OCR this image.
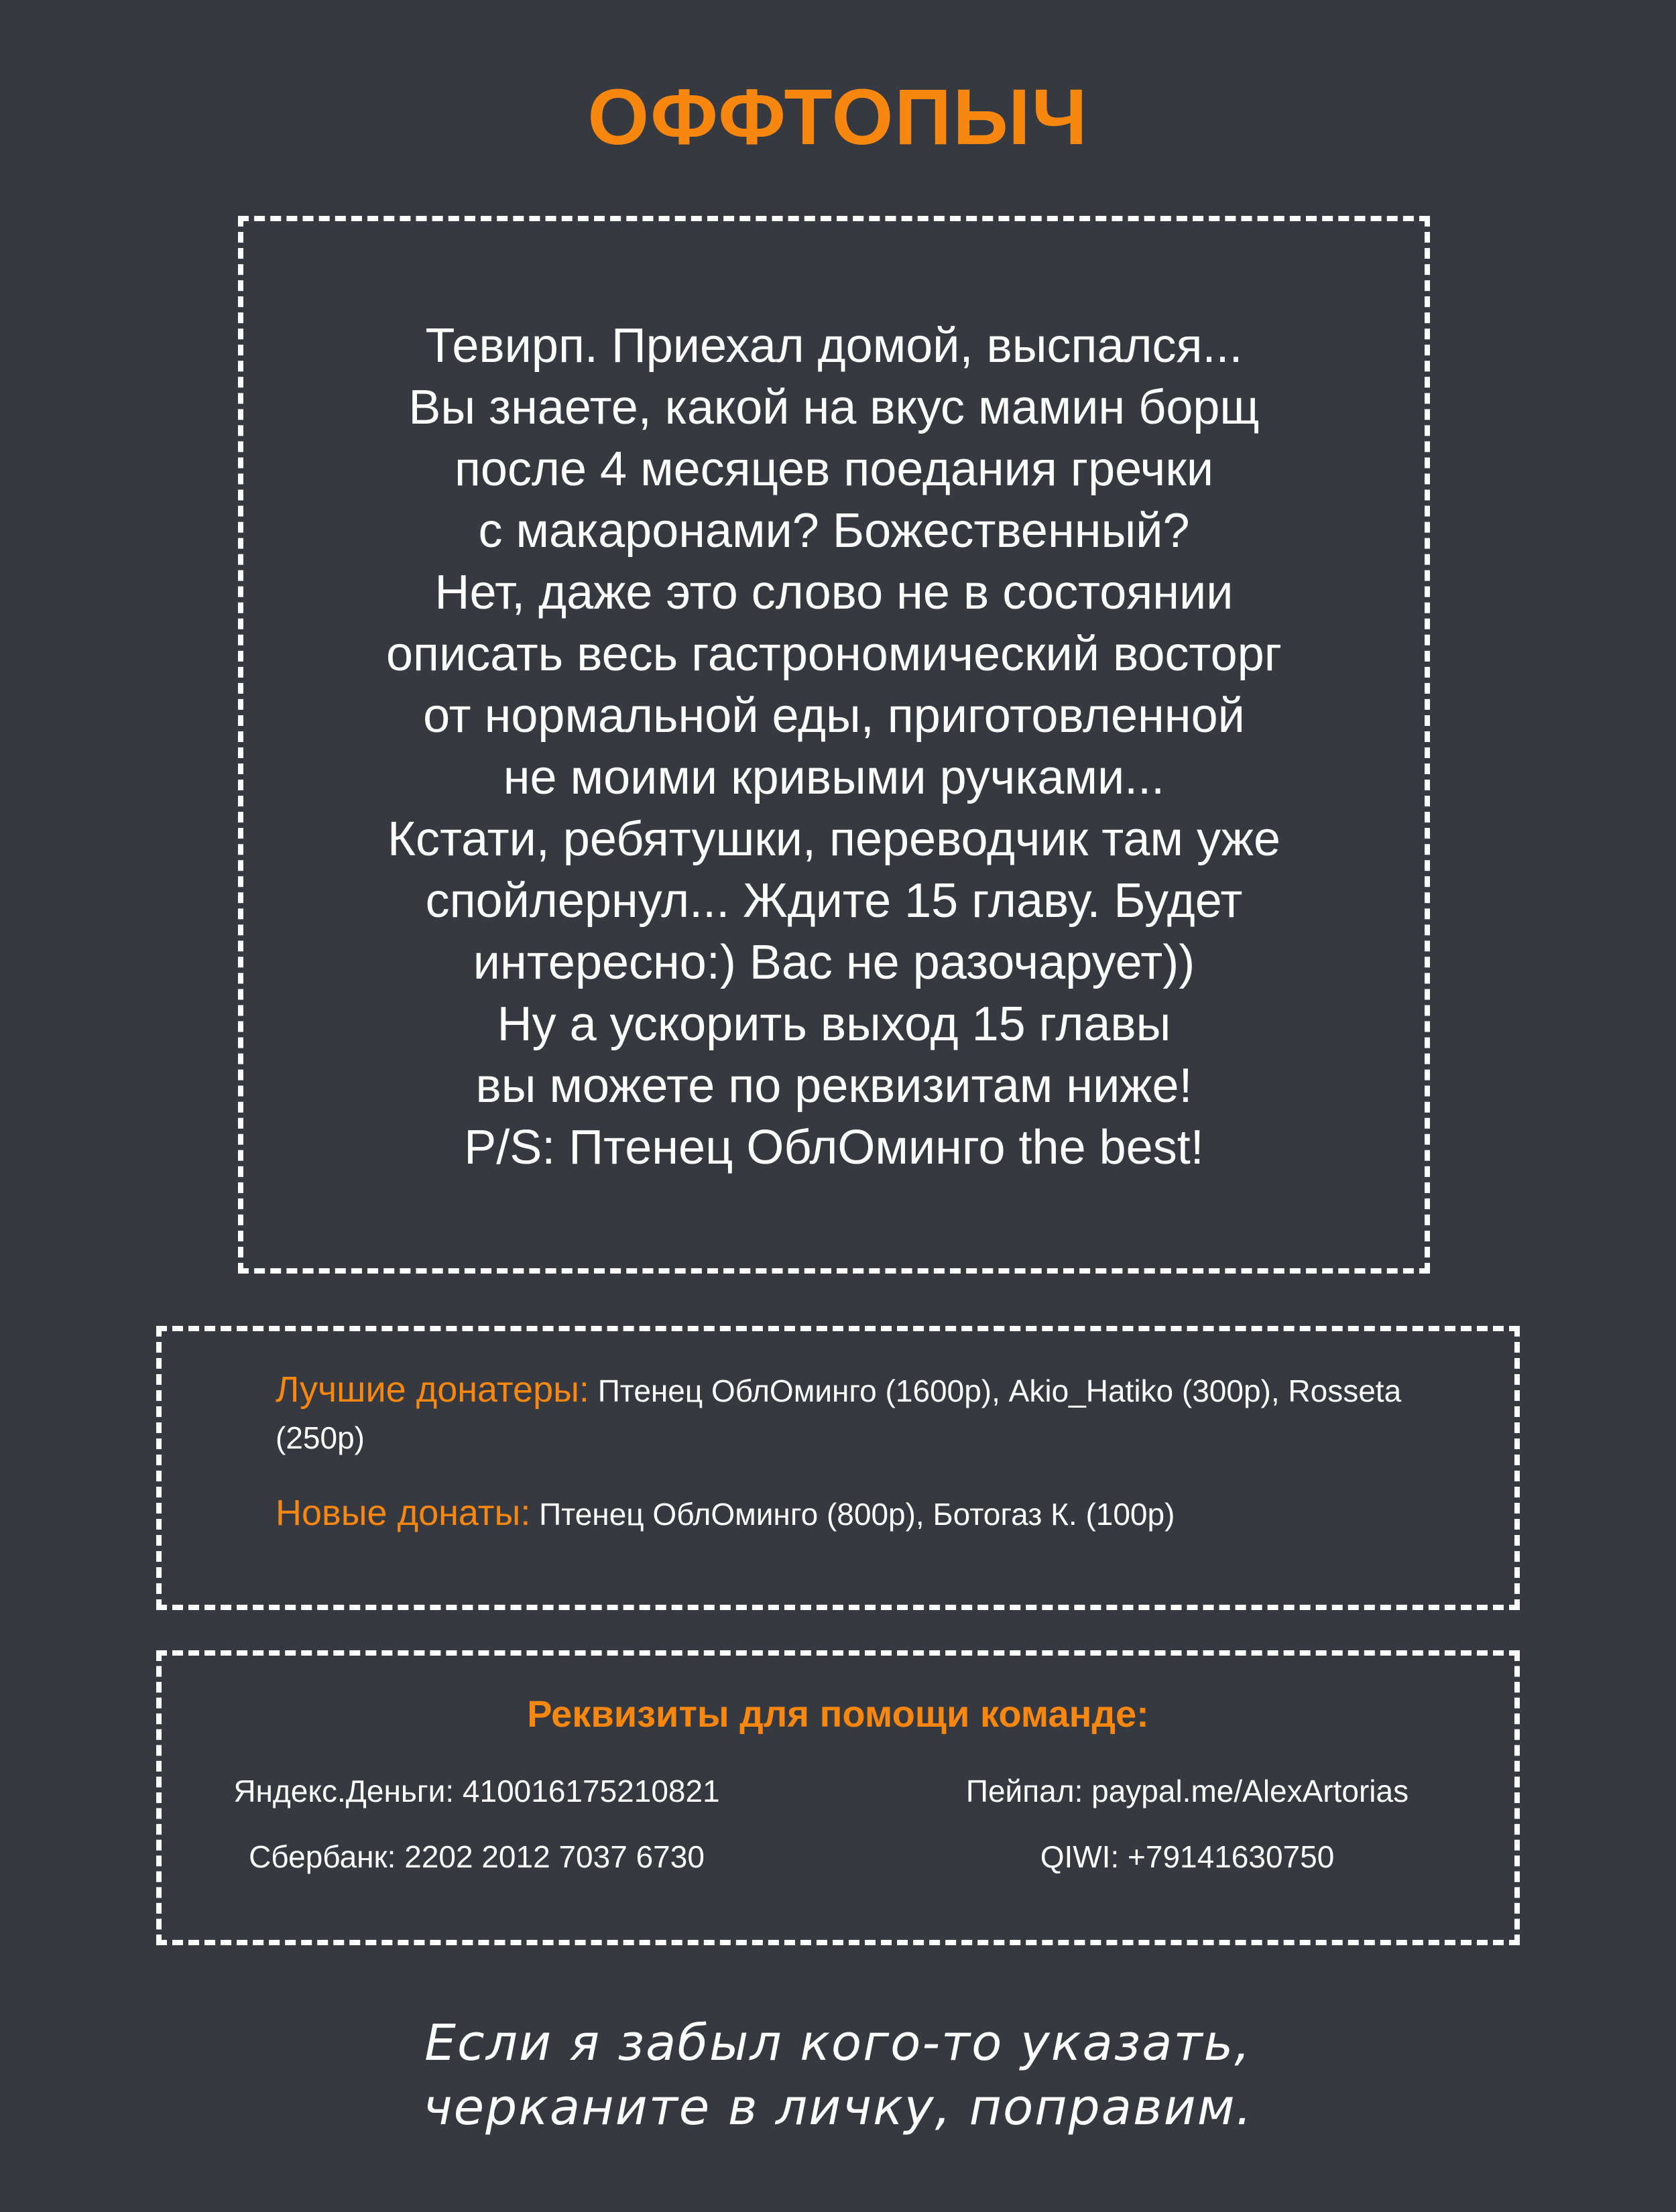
ОФФТОПЫЧ
Тевирп. Приехал домой, выспался...
Вы знаете, какой на вкус мамин борщ
после 4 месяцев поедания гречки
с макаронами? Божественный?
Нет, даже это слово не в состоянии
описать весь гастрономический восторг
от нормальной еды, приготовленной
не моими кривыми ручками...
Кстати, ребятушки, переводчик там уже
спойлернул... Ждите 15 главу. Будет
интересно:) Вас не разочарует))
Ну а ускорить выход 15 главы
вы можете по реквизитам ниже!
P/S: Птенец ОблОминго the best!
Лучшие донатеры: Птенец ОблОминго (1600р), Akio_Hatiko (300р), Rosseta (250р)
Новые донаты: Птенец ОблОминго (800р), Ботогаз К. (100р)
Реквизиты для помощи команде:
Яндекс.Деньги: 410016175210821
Сбербанк: 2202 2012 7037 6730
Пейпал: paypal.me/AlexArtorias
QIWI: +79141630750
Если я забыл кого-то указать,
черканите в личку, поправим.
